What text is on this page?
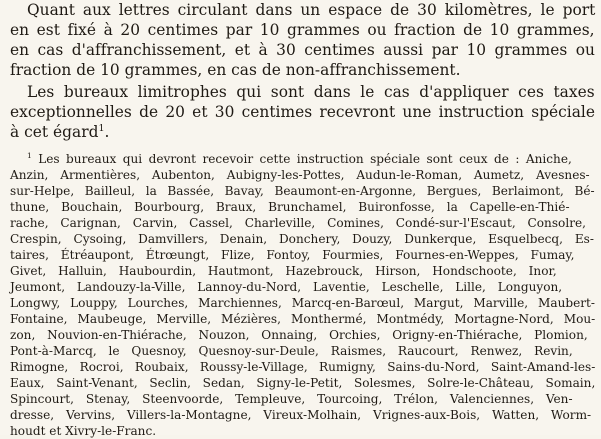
Quant aux lettres circulant dans un espace de 30 kilomètres, le port
en est fixé à 20 centimes par 10 grammes ou fraction de 10 grammes,
en cas d'affranchissement, et à 30 centimes aussi par 10 grammes ou
fraction de 10 grammes, en cas de non-affranchissement.
Les bureaux limitrophes qui sont dans le cas d'appliquer ces taxes
exceptionnelles de 20 et 30 centimes recevront une instruction spéciale
à cet égard$^1$.
$^1$ Les bureaux qui devront recevoir cette instruction spéciale sont ceux de : Aniche,
Anzin, Armentières, Aubenton, Aubigny-les-Pottes, Audun-le-Roman, Aumetz, Avesnes-
sur-Helpe, Bailleul, la Bassée, Bavay, Beaumont-en-Argonne, Bergues, Berlaimont, Bé-
thune, Bouchain, Bourbourg, Braux, Brunchamel, Buironfosse, la Capelle-en-Thié-
rache, Carignan, Carvin, Cassel, Charleville, Comines, Condé-sur-l'Escaut, Consolre,
Crespin, Cysoing, Damvillers, Denain, Donchery, Douzy, Dunkerque, Esquelbecq, Es-
taires, Étréaupont, Étrœungt, Flize, Fontoy, Fourmies, Fournes-en-Weppes, Fumay,
Givet, Halluin, Haubourdin, Hautmont, Hazebrouck, Hirson, Hondschoote, Inor,
Jeumont, Landouzy-la-Ville, Lannoy-du-Nord, Laventie, Leschelle, Lille, Longuyon,
Longwy, Louppy, Lourches, Marchiennes, Marcq-en-Barœul, Margut, Marville, Maubert-
Fontaine, Maubeuge, Merville, Mézières, Monthermé, Montmédy, Mortagne-Nord, Mou-
zon, Nouvion-en-Thiérache, Nouzon, Onnaing, Orchies, Origny-en-Thiérache, Plomion,
Pont-à-Marcq, le Quesnoy, Quesnoy-sur-Deule, Raismes, Raucourt, Renwez, Revin,
Rimogne, Rocroi, Roubaix, Roussy-le-Village, Rumigny, Sains-du-Nord, Saint-Amand-les-
Eaux, Saint-Venant, Seclin, Sedan, Signy-le-Petit, Solesmes, Solre-le-Château, Somain,
Spincourt, Stenay, Steenvoorde, Templeuve, Tourcoing, Trélon, Valenciennes, Ven-
dresse, Vervins, Villers-la-Montagne, Vireux-Molhain, Vrignes-aux-Bois, Watten, Worm-
houdt et Xivry-le-Franc.
